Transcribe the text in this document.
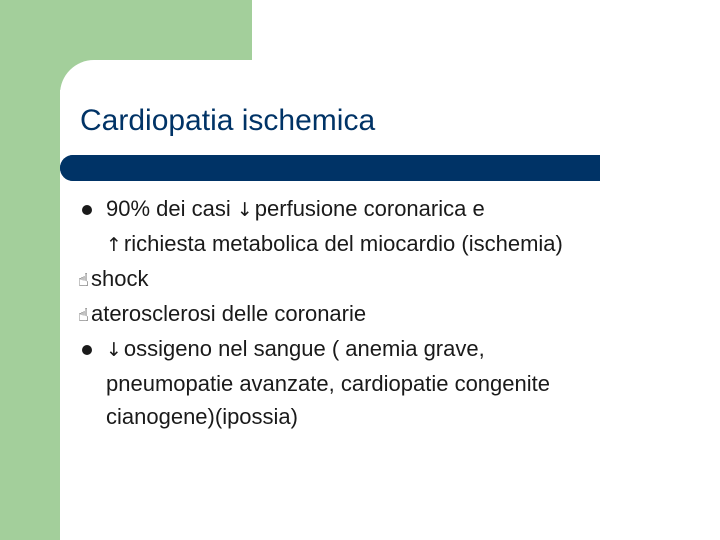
Cardiopatia ischemica
90% dei casi ↓perfusione coronarica e
↑richiesta metabolica del miocardio (ischemia)
☝shock
☝aterosclerosi delle coronarie
↓ossigeno nel sangue ( anemia grave,
pneumopatie avanzate, cardiopatie congenite
cianogene)(ipossia)
